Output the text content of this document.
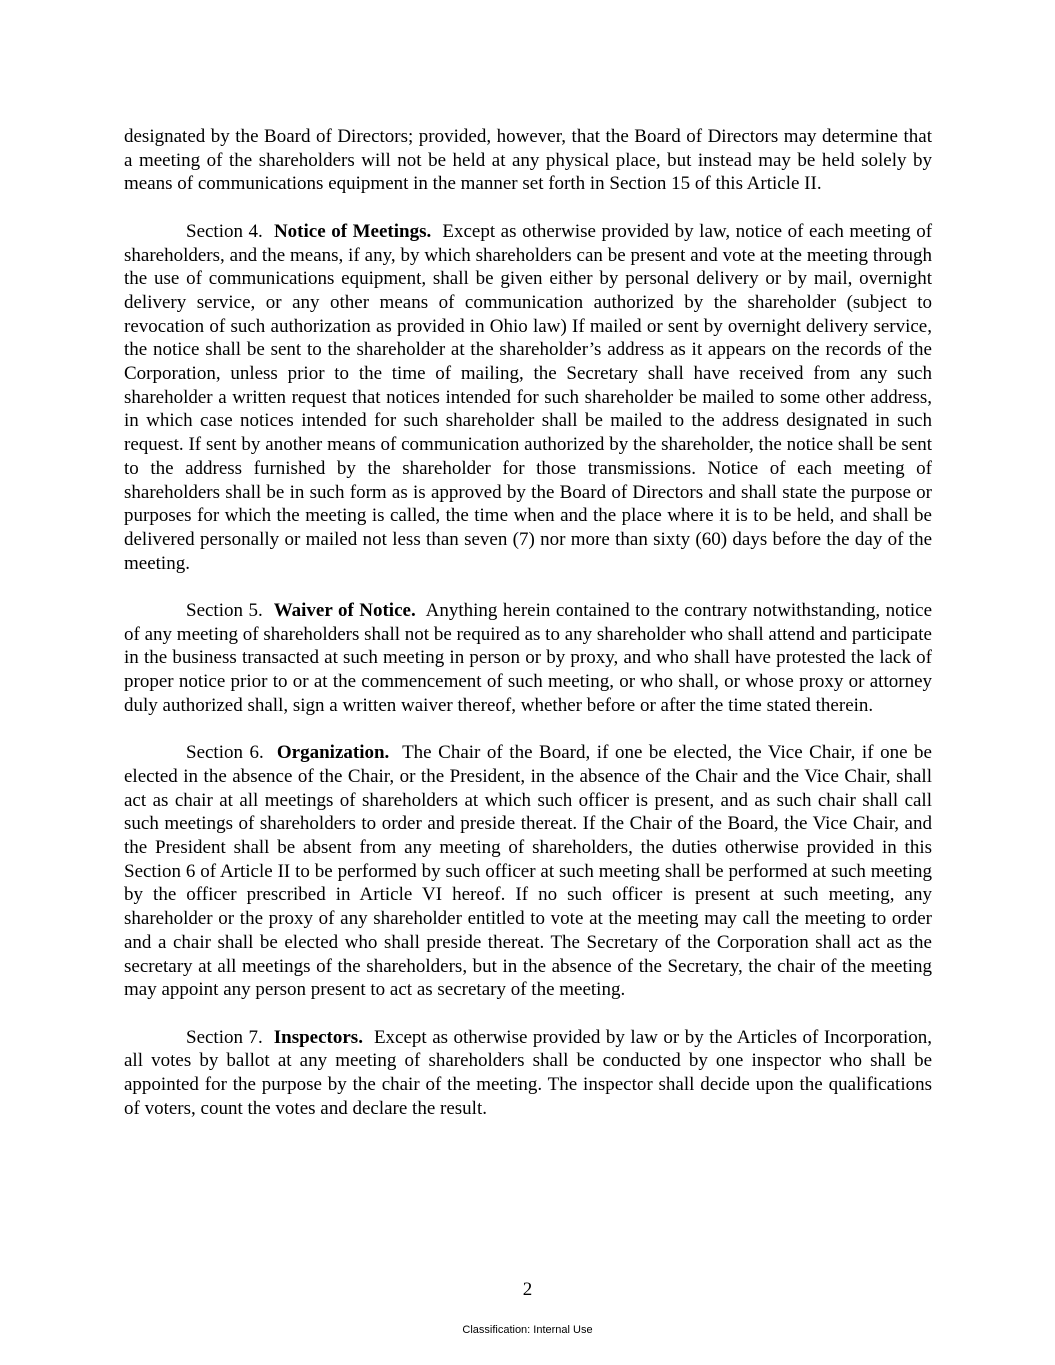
designated by the Board of Directors; provided, however, that the Board of Directors may determine that a meeting of the shareholders will not be held at any physical place, but instead may be held solely by means of communications equipment in the manner set forth in Section 15 of this Article II.

Section 4. Notice of Meetings. Except as otherwise provided by law, notice of each meeting of shareholders, and the means, if any, by which shareholders can be present and vote at the meeting through the use of communications equipment, shall be given either by personal delivery or by mail, overnight delivery service, or any other means of communication authorized by the shareholder (subject to revocation of such authorization as provided in Ohio law) If mailed or sent by overnight delivery service, the notice shall be sent to the shareholder at the shareholder’s address as it appears on the records of the Corporation, unless prior to the time of mailing, the Secretary shall have received from any such shareholder a written request that notices intended for such shareholder be mailed to some other address, in which case notices intended for such shareholder shall be mailed to the address designated in such request. If sent by another means of communication authorized by the shareholder, the notice shall be sent to the address furnished by the shareholder for those transmissions. Notice of each meeting of shareholders shall be in such form as is approved by the Board of Directors and shall state the purpose or purposes for which the meeting is called, the time when and the place where it is to be held, and shall be delivered personally or mailed not less than seven (7) nor more than sixty (60) days before the day of the meeting.

Section 5. Waiver of Notice. Anything herein contained to the contrary notwithstanding, notice of any meeting of shareholders shall not be required as to any shareholder who shall attend and participate in the business transacted at such meeting in person or by proxy, and who shall have protested the lack of proper notice prior to or at the commencement of such meeting, or who shall, or whose proxy or attorney duly authorized shall, sign a written waiver thereof, whether before or after the time stated therein.

Section 6. Organization. The Chair of the Board, if one be elected, the Vice Chair, if one be elected in the absence of the Chair, or the President, in the absence of the Chair and the Vice Chair, shall act as chair at all meetings of shareholders at which such officer is present, and as such chair shall call such meetings of shareholders to order and preside thereat. If the Chair of the Board, the Vice Chair, and the President shall be absent from any meeting of shareholders, the duties otherwise provided in this Section 6 of Article II to be performed by such officer at such meeting shall be performed at such meeting by the officer prescribed in Article VI hereof. If no such officer is present at such meeting, any shareholder or the proxy of any shareholder entitled to vote at the meeting may call the meeting to order and a chair shall be elected who shall preside thereat. The Secretary of the Corporation shall act as the secretary at all meetings of the shareholders, but in the absence of the Secretary, the chair of the meeting may appoint any person present to act as secretary of the meeting.

Section 7. Inspectors. Except as otherwise provided by law or by the Articles of Incorporation, all votes by ballot at any meeting of shareholders shall be conducted by one inspector who shall be appointed for the purpose by the chair of the meeting. The inspector shall decide upon the qualifications of voters, count the votes and declare the result.

2
Classification: Internal Use
